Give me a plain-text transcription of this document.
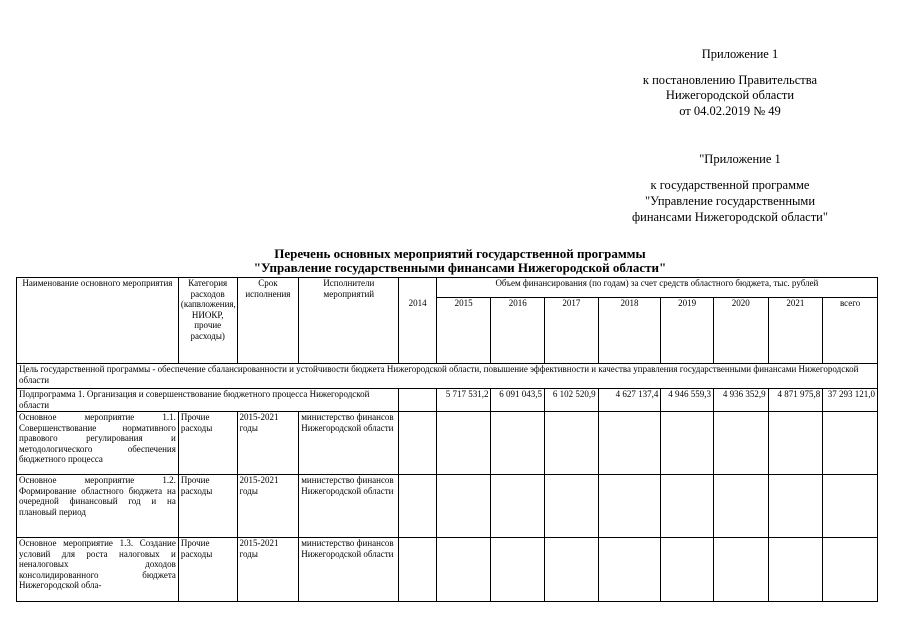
Приложение 1
к постановлению Правительства
Нижегородской области
от 04.02.2019 № 49
"Приложение 1
к государственной программе
"Управление государственными
финансами Нижегородской области"
Перечень основных мероприятий государственной программы
"Управление государственными финансами Нижегородской области"
Наименование основного мероприятия	Категория расходов (капвложения, НИОКР, прочие расходы)	Срок исполнения	Исполнители мероприятий		Объем финансирования (по годам) за счет средств областного бюджета, тыс. рублей							
				2014	2015	2016	2017	2018	2019	2020	2021	всего
Цель государственной программы - обеспечение сбалансированности и устойчивости бюджета Нижегородской области, повышение эффективности и качества управления государственными финансами Нижегородской области												
Подпрограмма 1. Организация и совершенствование бюджетного процесса Нижегородской области					5 717 531,2	6 091 043,5	6 102 520,9	4 627 137,4	4 946 559,3	4 936 352,9	4 871 975,8	37 293 121,0
Основное мероприятие 1.1. Совершенствование нормативного правового регулирования и методологического обеспечения бюджетного процесса	Прочие расходы	2015-2021 годы	министерство финансов Нижегородской области									
Основное мероприятие 1.2. Формирование областного бюджета на очередной финансовый год и на плановый период	Прочие расходы	2015-2021 годы	министерство финансов Нижегородской области									
Основное мероприятие 1.3. Создание условий для роста налоговых и неналоговых доходов консолидированного бюджета Нижегородской обла-	Прочие расходы	2015-2021 годы	министерство финансов Нижегородской области									
